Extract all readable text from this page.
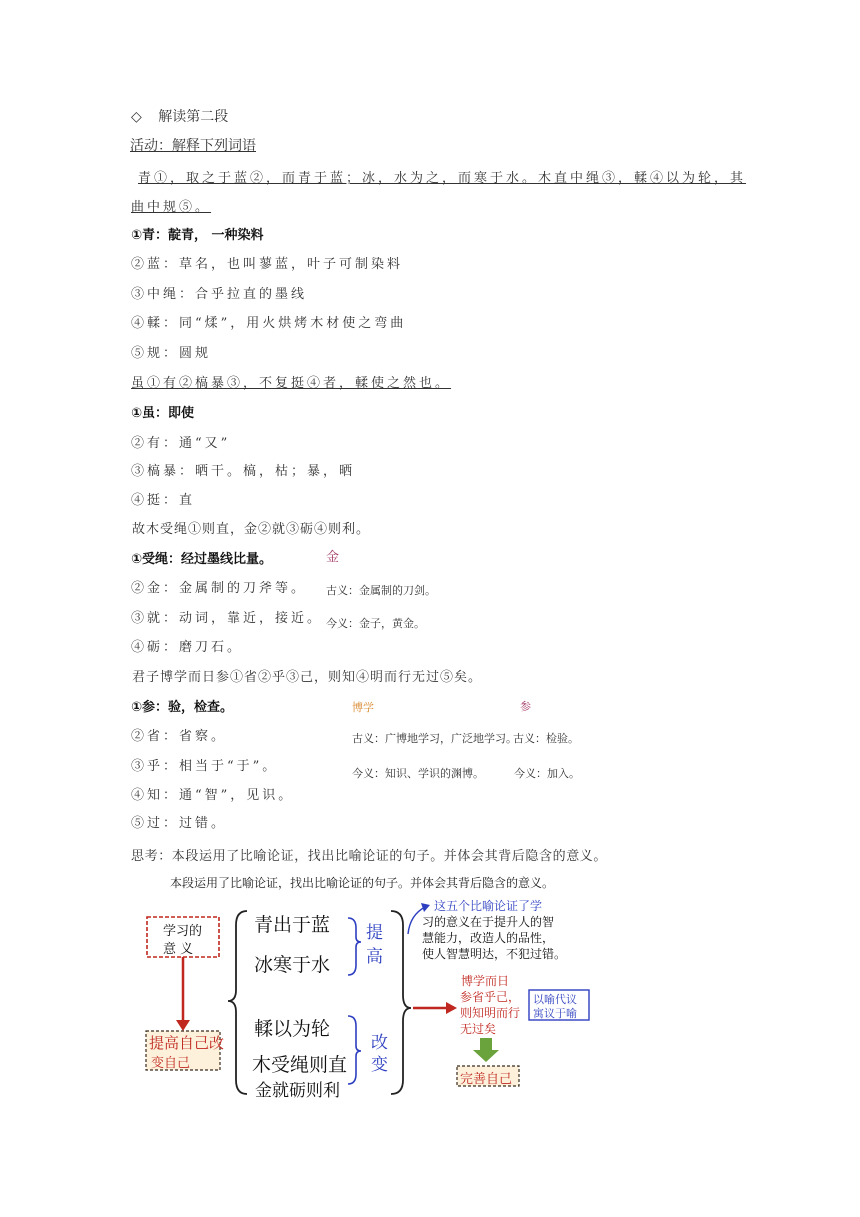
◇ 解读第二段
活动：解释下列词语
青①，取之于蓝②，而青于蓝；冰，水为之，而寒于水。木直中绳③，輮④以为轮，其
曲中规⑤。
①青：靛青， 一种染料
②蓝：草名，也叫蓼蓝，叶子可制染料
③中绳：合乎拉直的墨线
④輮：同“煣”，用火烘烤木材使之弯曲
⑤规：圆规
虽①有②槁暴③，不复挺④者，輮使之然也。
①虽：即使
②有：通“又”
③槁暴：晒干。槁，枯；暴，晒
④挺：直
故木受绳①则直，金②就③砺④则利。
①受绳：经过墨线比量。
②金：金属制的刀斧等。
③就：动词，靠近，接近。
④砺：磨刀石。
金
古义：金属制的刀剑。
今义：金子，黄金。
君子博学而日参①省②乎③己，则知④明而行无过⑤矣。
①参：验，检查。
②省：省察。
③乎：相当于“于”。
④知：通“智”，见识。
⑤过：过错。
博学	参
古义：广博地学习，广泛地学习。
古义：检验。
今义：知识、学识的渊博。	今义：加入。
思考：本段运用了比喻论证，找出比喻论证的句子。并体会其背后隐含的意义。
本段运用了比喻论证，找出比喻论证的句子。并体会其背后隐含的意义。
学习的
意 义
提高自己改
变自己
青出于蓝
冰寒于水
輮以为轮
木受绳则直
金就砺则利
提
高
改
变
这五个比喻论证了学
习的意义在于提升人的智
慧能力，改造人的品性，
使人智慧明达，不犯过错。
博学而日
参省乎己，
则知明而行
无过矣
以喻代议
寓议于喻
完善自己
